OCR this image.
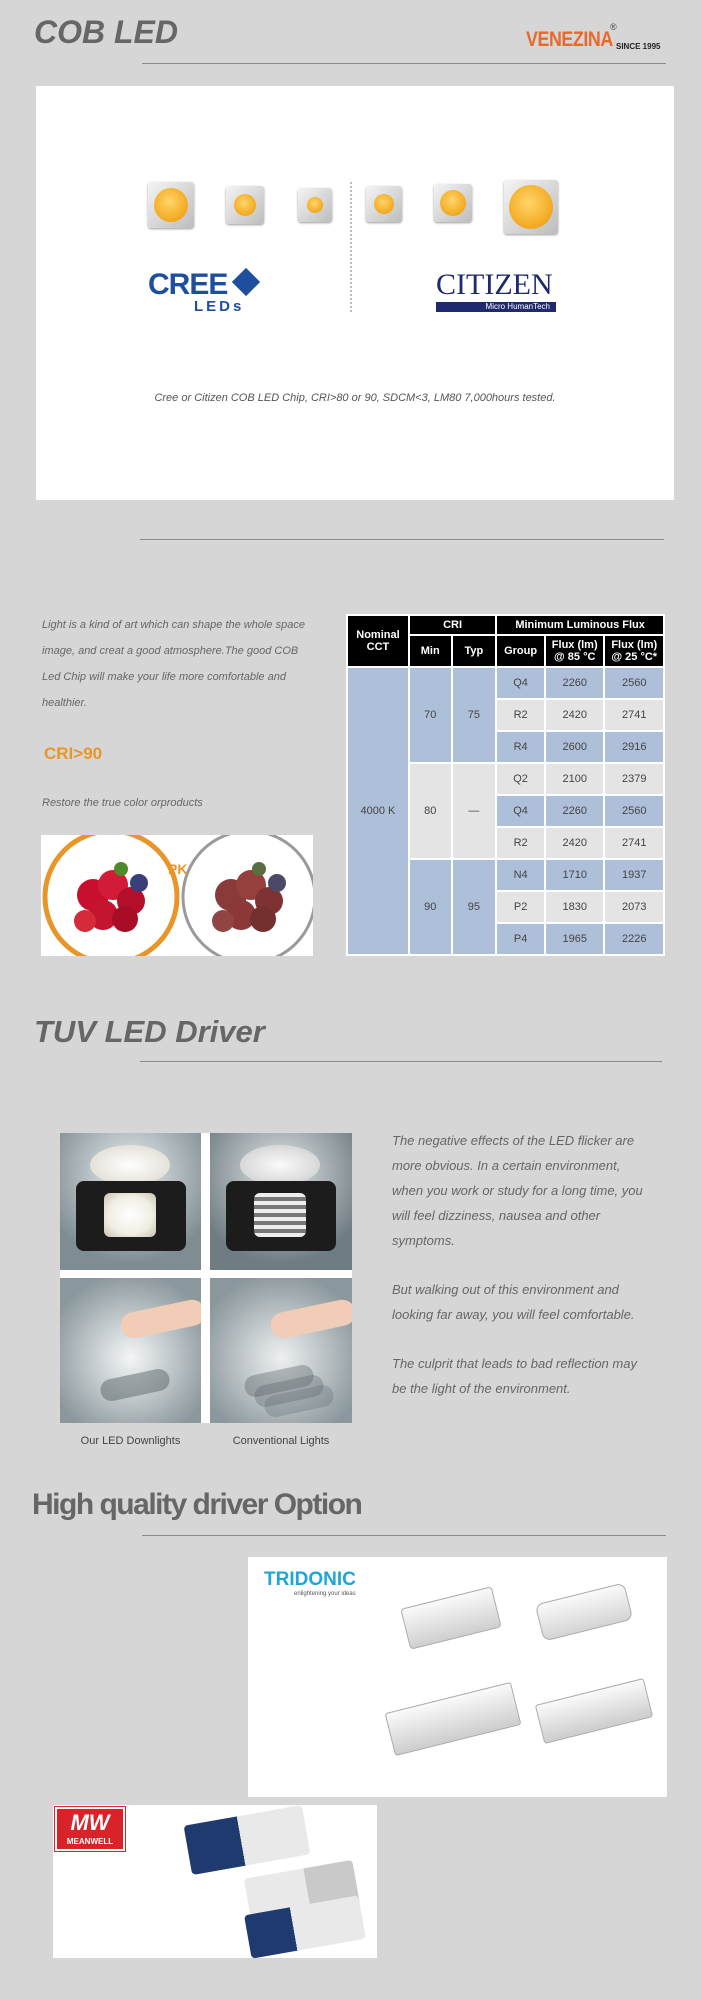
COB LED	VENEZINA
®
SINCE 1995
CREE
LEDs
CITIZEN
Micro HumanTech
Cree or Citizen COB LED Chip, CRI>80 or 90, SDCM<3, LM80 7,000hours tested.
Light is a kind of art which can shape the whole space image, and creat a good atmosphere.The good COB Led Chip will make your life more comfortable and healthier.
CRI>90
Restore the true color orproducts
PK
Nominal CCT	CRI		Minimum Luminous Flux		
	Min	Typ	Group	Flux (lm) @ 85 °C	Flux (lm) @ 25 °C*
4000 K	70	75	Q4	2260	2560
			R2	2420	2741
			R4	2600	2916
	80	—	Q2	2100	2379
			Q4	2260	2560
			R2	2420	2741
	90	95	N4	1710	1937
			P2	1830	2073
			P4	1965	2226
TUV LED Driver
Our LED Downlights	Conventional Lights
The negative effects of the LED flicker are more obvious. In a certain environment, when you work or study for a long time, you will feel dizziness, nausea and other symptoms.
But walking out of this environment and looking far away, you will feel comfortable.
The culprit that leads to bad reflection may be the light of the environment.
High quality driver Option
TRIDONIC
enlightening your ideas
MW
MEANWELL
